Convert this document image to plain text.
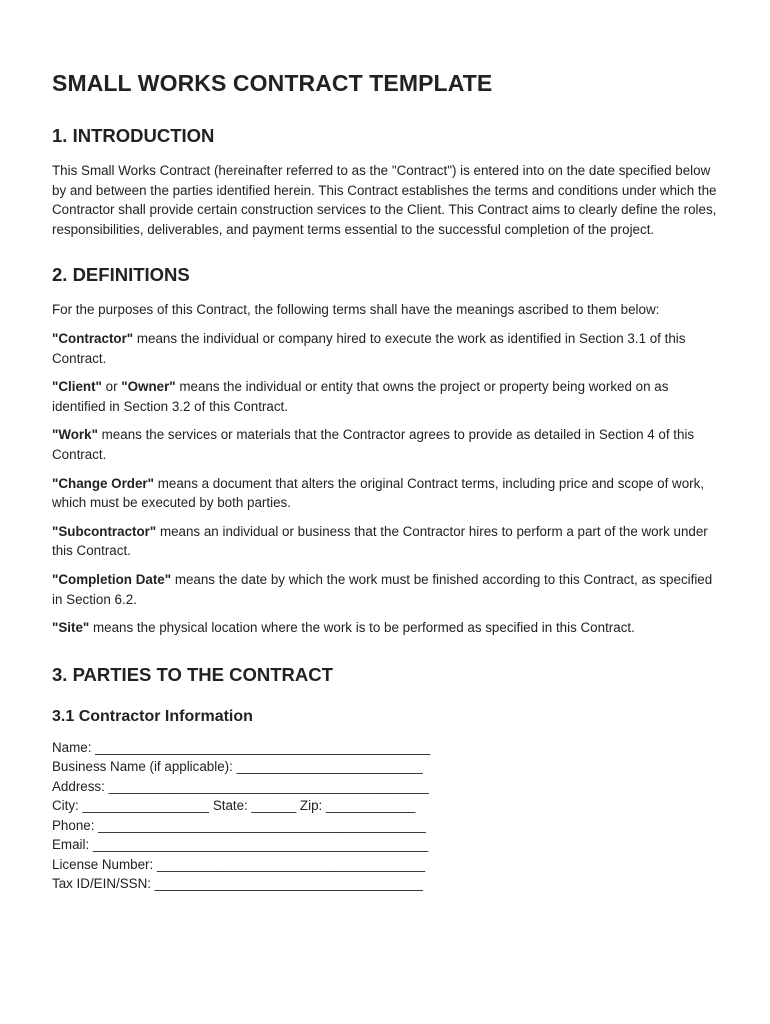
SMALL WORKS CONTRACT TEMPLATE
1. INTRODUCTION

This Small Works Contract (hereinafter referred to as the "Contract") is entered into on the date specified below by and between the parties identified herein. This Contract establishes the terms and conditions under which the Contractor shall provide certain construction services to the Client. This Contract aims to clearly define the roles, responsibilities, deliverables, and payment terms essential to the successful completion of the project.

2. DEFINITIONS

For the purposes of this Contract, the following terms shall have the meanings ascribed to them below:

"Contractor" means the individual or company hired to execute the work as identified in Section 3.1 of this Contract.

"Client" or "Owner" means the individual or entity that owns the project or property being worked on as identified in Section 3.2 of this Contract.

"Work" means the services or materials that the Contractor agrees to provide as detailed in Section 4 of this Contract.

"Change Order" means a document that alters the original Contract terms, including price and scope of work, which must be executed by both parties.

"Subcontractor" means an individual or business that the Contractor hires to perform a part of the work under this Contract.

"Completion Date" means the date by which the work must be finished according to this Contract, as specified in Section 6.2.

"Site" means the physical location where the work is to be performed as specified in this Contract.

3. PARTIES TO THE CONTRACT
3.1 Contractor Information

Name: _____________________________________________

Business Name (if applicable): _________________________

Address: ___________________________________________

City: _________________ State: ______ Zip: ____________

Phone: ____________________________________________

Email: _____________________________________________

License Number: ____________________________________

Tax ID/EIN/SSN: ____________________________________
